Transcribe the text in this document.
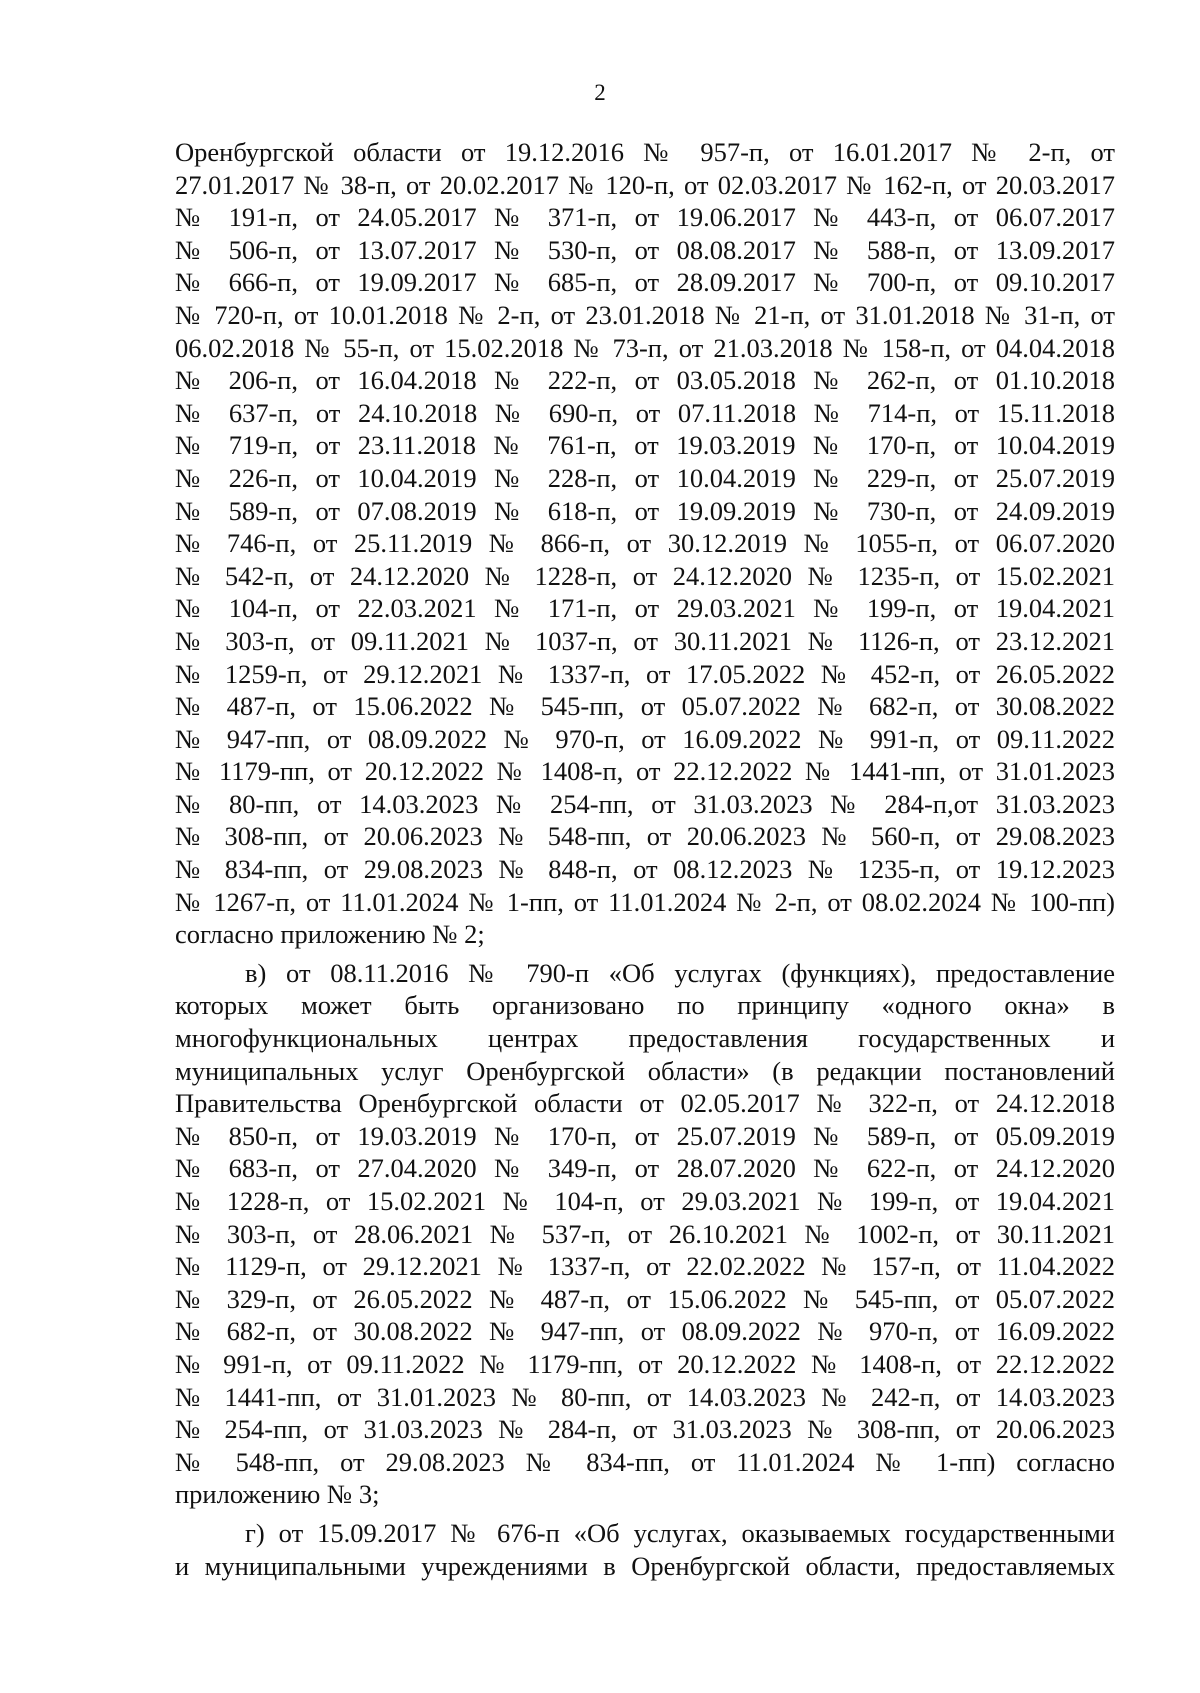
2
Оренбургской области от 19.12.2016 № 957-п, от 16.01.2017 № 2-п, от
27.01.2017 № 38-п, от 20.02.2017 № 120-п, от 02.03.2017 № 162-п, от 20.03.2017
№ 191-п, от 24.05.2017 № 371-п, от 19.06.2017 № 443-п, от 06.07.2017
№ 506-п, от 13.07.2017 № 530-п, от 08.08.2017 № 588-п, от 13.09.2017
№ 666-п, от 19.09.2017 № 685-п, от 28.09.2017 № 700-п, от 09.10.2017
№ 720-п, от 10.01.2018 № 2-п, от 23.01.2018 № 21-п, от 31.01.2018 № 31-п, от
06.02.2018 № 55-п, от 15.02.2018 № 73-п, от 21.03.2018 № 158-п, от 04.04.2018
№ 206-п, от 16.04.2018 № 222-п, от 03.05.2018 № 262-п, от 01.10.2018
№ 637-п, от 24.10.2018 № 690-п, от 07.11.2018 № 714-п, от 15.11.2018
№ 719-п, от 23.11.2018 № 761-п, от 19.03.2019 № 170-п, от 10.04.2019
№ 226-п, от 10.04.2019 № 228-п, от 10.04.2019 № 229-п, от 25.07.2019
№ 589-п, от 07.08.2019 № 618-п, от 19.09.2019 № 730-п, от 24.09.2019
№ 746-п, от 25.11.2019 № 866-п, от 30.12.2019 № 1055-п, от 06.07.2020
№ 542-п, от 24.12.2020 № 1228-п, от 24.12.2020 № 1235-п, от 15.02.2021
№ 104-п, от 22.03.2021 № 171-п, от 29.03.2021 № 199-п, от 19.04.2021
№ 303-п, от 09.11.2021 № 1037-п, от 30.11.2021 № 1126-п, от 23.12.2021
№ 1259-п, от 29.12.2021 № 1337-п, от 17.05.2022 № 452-п, от 26.05.2022
№ 487-п, от 15.06.2022 № 545-пп, от 05.07.2022 № 682-п, от 30.08.2022
№ 947-пп, от 08.09.2022 № 970-п, от 16.09.2022 № 991-п, от 09.11.2022
№ 1179-пп, от 20.12.2022 № 1408-п, от 22.12.2022 № 1441-пп, от 31.01.2023
№ 80-пп, от 14.03.2023 № 254-пп, от 31.03.2023 № 284-п,от 31.03.2023
№ 308-пп, от 20.06.2023 № 548-пп, от 20.06.2023 № 560-п, от 29.08.2023
№ 834-пп, от 29.08.2023 № 848-п, от 08.12.2023 № 1235-п, от 19.12.2023
№ 1267-п, от 11.01.2024 № 1-пп, от 11.01.2024 № 2-п, от 08.02.2024 № 100-пп)
согласно приложению № 2;
в) от 08.11.2016 № 790-п «Об услугах (функциях), предоставление
которых может быть организовано по принципу «одного окна» в
многофункциональных центрах предоставления государственных и
муниципальных услуг Оренбургской области» (в редакции постановлений
Правительства Оренбургской области от 02.05.2017 № 322-п, от 24.12.2018
№ 850-п, от 19.03.2019 № 170-п, от 25.07.2019 № 589-п, от 05.09.2019
№ 683-п, от 27.04.2020 № 349-п, от 28.07.2020 № 622-п, от 24.12.2020
№ 1228-п, от 15.02.2021 № 104-п, от 29.03.2021 № 199-п, от 19.04.2021
№ 303-п, от 28.06.2021 № 537-п, от 26.10.2021 № 1002-п, от 30.11.2021
№ 1129-п, от 29.12.2021 № 1337-п, от 22.02.2022 № 157-п, от 11.04.2022
№ 329-п, от 26.05.2022 № 487-п, от 15.06.2022 № 545-пп, от 05.07.2022
№ 682-п, от 30.08.2022 № 947-пп, от 08.09.2022 № 970-п, от 16.09.2022
№ 991-п, от 09.11.2022 № 1179-пп, от 20.12.2022 № 1408-п, от 22.12.2022
№ 1441-пп, от 31.01.2023 № 80-пп, от 14.03.2023 № 242-п, от 14.03.2023
№ 254-пп, от 31.03.2023 № 284-п, от 31.03.2023 № 308-пп, от 20.06.2023
№ 548-пп, от 29.08.2023 № 834-пп, от 11.01.2024 № 1-пп) согласно
приложению № 3;
г) от 15.09.2017 № 676-п «Об услугах, оказываемых государственными
и муниципальными учреждениями в Оренбургской области, предоставляемых
